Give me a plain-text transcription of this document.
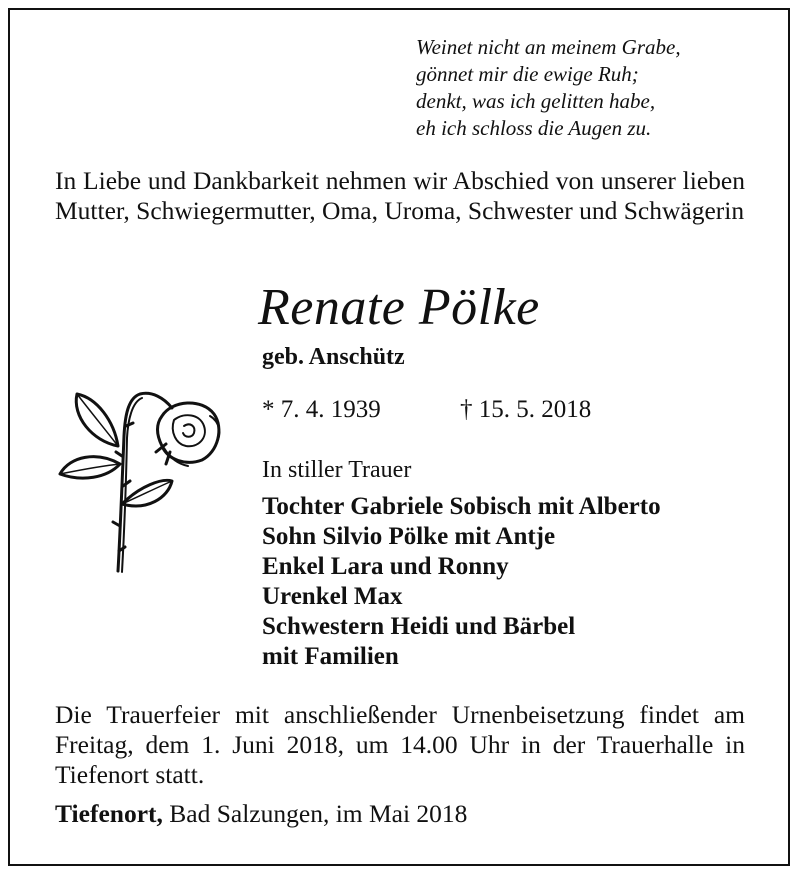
Weinet nicht an meinem Grabe,
gönnet mir die ewige Ruh;
denkt, was ich gelitten habe,
eh ich schloss die Augen zu.
In Liebe und Dankbarkeit nehmen wir Abschied von unserer lieben Mutter, Schwiegermutter, Oma, Uroma, Schwester und Schwägerin
Renate Pölke
geb. Anschütz
* 7. 4. 1939	† 15. 5. 2018
In stiller Trauer
Tochter Gabriele Sobisch mit Alberto
Sohn Silvio Pölke mit Antje
Enkel Lara und Ronny
Urenkel Max
Schwestern Heidi und Bärbel
mit Familien
Die Trauerfeier mit anschließender Urnenbeisetzung findet am Freitag, dem 1. Juni 2018, um 14.00 Uhr in der Trauerhalle in Tiefenort statt.
Tiefenort, Bad Salzungen, im Mai 2018
